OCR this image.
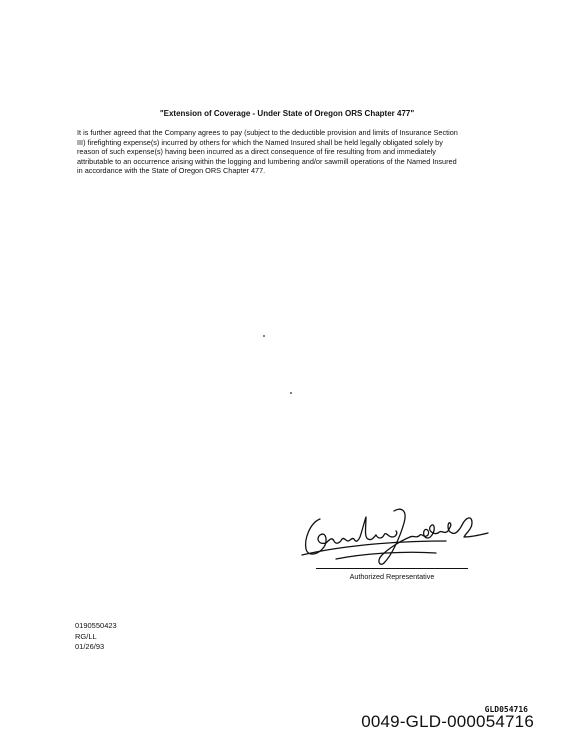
"Extension of Coverage - Under State of Oregon ORS Chapter 477"
It is further agreed that the Company agrees to pay (subject to the deductible provision and limits of Insurance Section
III) firefighting expense(s) incurred by others for which the Named Insured shall be held legally obligated solely by
reason of such expense(s) having been incurred as a direct consequence of fire resulting from and immediately
attributable to an occurrence arising within the logging and lumbering and/or sawmill operations of the Named Insured
in accordance with the State of Oregon ORS Chapter 477.
Authorized Representative
0190550423
RG/LL
01/26/93
GLD054716
0049-GLD-000054716
